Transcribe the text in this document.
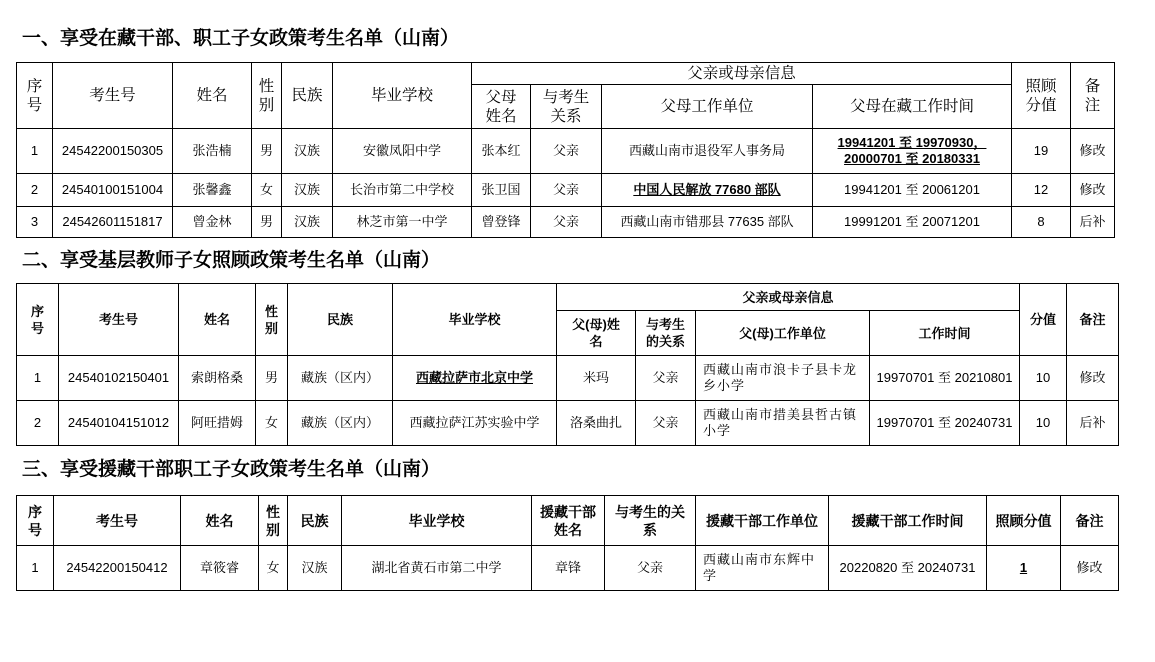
一、享受在藏干部、职工子女政策考生名单（山南）
序号	考生号	姓名	性别	民族	毕业学校	父亲或母亲信息				照顾分值	备注
						父母姓名	与考生关系	父母工作单位	父母在藏工作时间		
1	24542200150305	张浩楠	男	汉族	安徽凤阳中学	张本红	父亲	西藏山南市退役军人事务局	19941201 至 19970930，20000701 至 20180331	19	修改
2	24540100151004	张馨鑫	女	汉族	长治市第二中学校	张卫国	父亲	中国人民解放 77680 部队	19941201 至 20061201	12	修改
3	24542601151817	曾金林	男	汉族	林芝市第一中学	曾登锋	父亲	西藏山南市错那县 77635 部队	19991201 至 20071201	8	后补
二、享受基层教师子女照顾政策考生名单（山南）
序号	考生号	姓名	性别	民族	毕业学校	父亲或母亲信息				分值	备注
						父(母)姓名	与考生的关系	父(母)工作单位	工作时间		
1	24540102150401	索朗格桑	男	藏族（区内）	西藏拉萨市北京中学	米玛	父亲	西藏山南市浪卡子县卡龙乡小学	19970701 至 20210801	10	修改
2	24540104151012	阿旺措姆	女	藏族（区内）	西藏拉萨江苏实验中学	洛桑曲扎	父亲	西藏山南市措美县哲古镇小学	19970701 至 20240731	10	后补
三、享受援藏干部职工子女政策考生名单（山南）
序号	考生号	姓名	性别	民族	毕业学校	援藏干部姓名	与考生的关系	援藏干部工作单位	援藏干部工作时间	照顾分值	备注
1	24542200150412	章筱睿	女	汉族	湖北省黄石市第二中学	章锋	父亲	西藏山南市东辉中学	20220820 至 20240731	1	修改
